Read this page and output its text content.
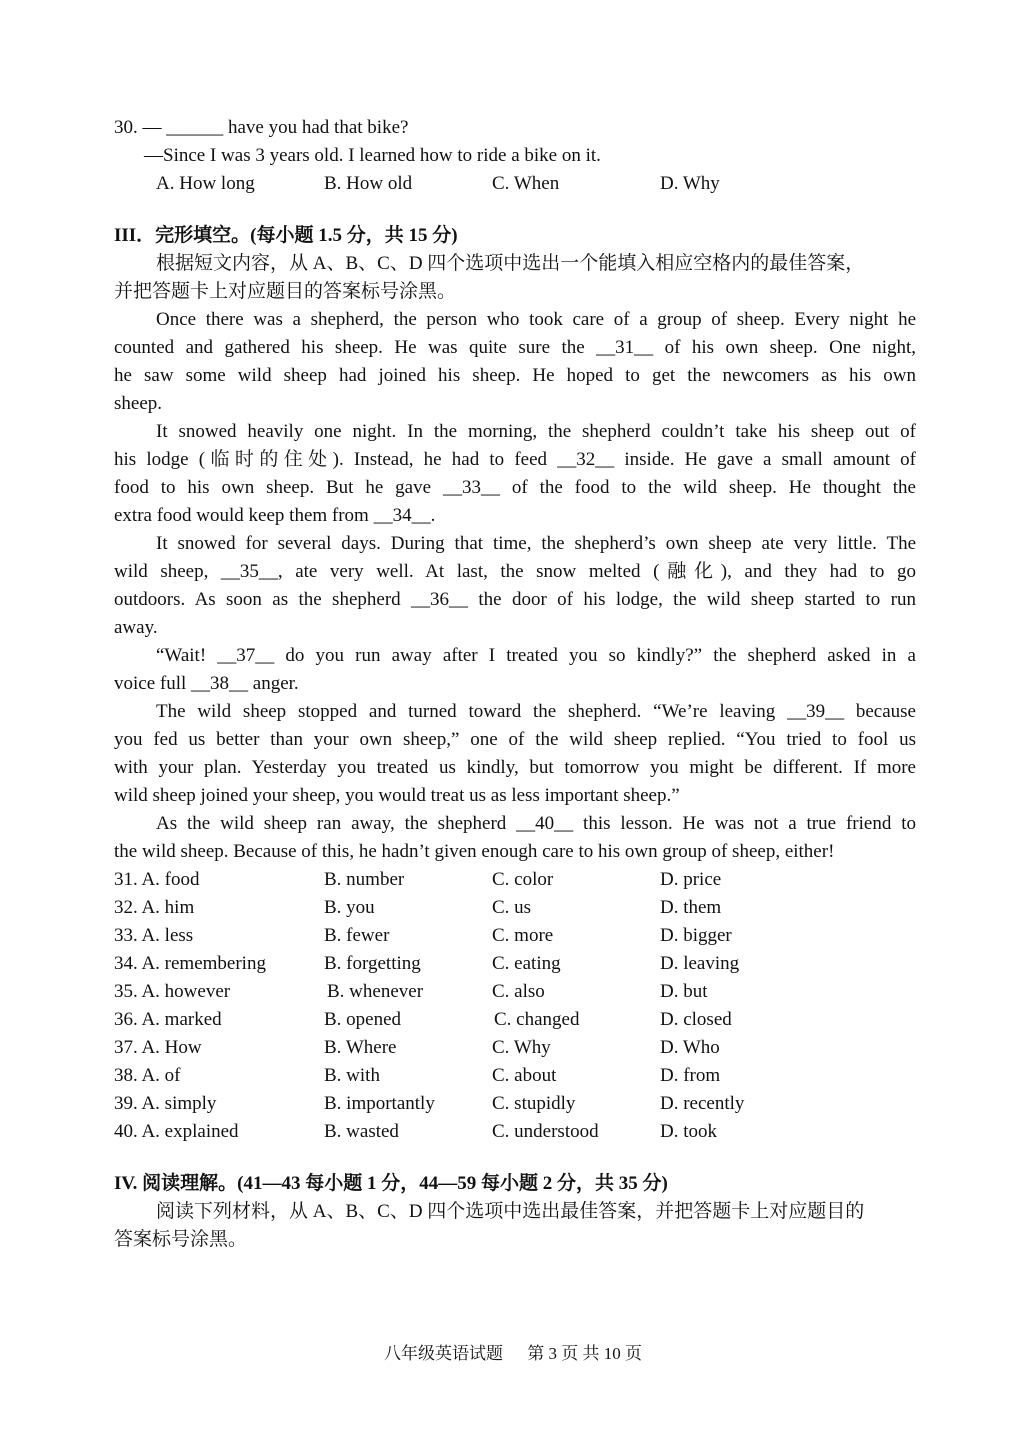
30. — ______ have you had that bike?
—Since I was 3 years old. I learned how to ride a bike on it.
A. How long	B. How old	C. When	D. Why
III．完形填空。(每小题 1.5 分，共 15 分)
根据短文内容，从 A、B、C、D 四个选项中选出一个能填入相应空格内的最佳答案，
并把答题卡上对应题目的答案标号涂黑。
Once there was a shepherd, the person who took care of a group of sheep. Every night he
counted and gathered his sheep. He was quite sure the __31__ of his own sheep. One night,
he saw some wild sheep had joined his sheep. He hoped to get the newcomers as his own
sheep.
It snowed heavily one night. In the morning, the shepherd couldn’t take his sheep out of
his lodge (临时的住处). Instead, he had to feed __32__ inside. He gave a small amount of
food to his own sheep. But he gave __33__ of the food to the wild sheep. He thought the
extra food would keep them from __34__.
It snowed for several days. During that time, the shepherd’s own sheep ate very little. The
wild sheep, __35__, ate very well. At last, the snow melted (融化), and they had to go
outdoors. As soon as the shepherd __36__ the door of his lodge, the wild sheep started to run
away.
“Wait! __37__ do you run away after I treated you so kindly?” the shepherd asked in a
voice full __38__ anger.
The wild sheep stopped and turned toward the shepherd. “We’re leaving __39__ because
you fed us better than your own sheep,” one of the wild sheep replied. “You tried to fool us
with your plan. Yesterday you treated us kindly, but tomorrow you might be different. If more
wild sheep joined your sheep, you would treat us as less important sheep.”
As the wild sheep ran away, the shepherd __40__ this lesson. He was not a true friend to
the wild sheep. Because of this, he hadn’t given enough care to his own group of sheep, either!
31. A. food	B. number	C. color	D. price
32. A. him	B. you	C. us	D. them
33. A. less	B. fewer	C. more	D. bigger
34. A. remembering	B. forgetting	C. eating	D. leaving
35. A. however	B. whenever	C. also	D. but
36. A. marked	B. opened	C. changed	D. closed
37. A. How	B. Where	C. Why	D. Who
38. A. of	B. with	C. about	D. from
39. A. simply	B. importantly	C. stupidly	D. recently
40. A. explained	B. wasted	C. understood	D. took
IV. 阅读理解。(41—43 每小题 1 分，44—59 每小题 2 分，共 35 分)
阅读下列材料，从 A、B、C、D 四个选项中选出最佳答案，并把答题卡上对应题目的
答案标号涂黑。
八年级英语试题 第 3 页 共 10 页
